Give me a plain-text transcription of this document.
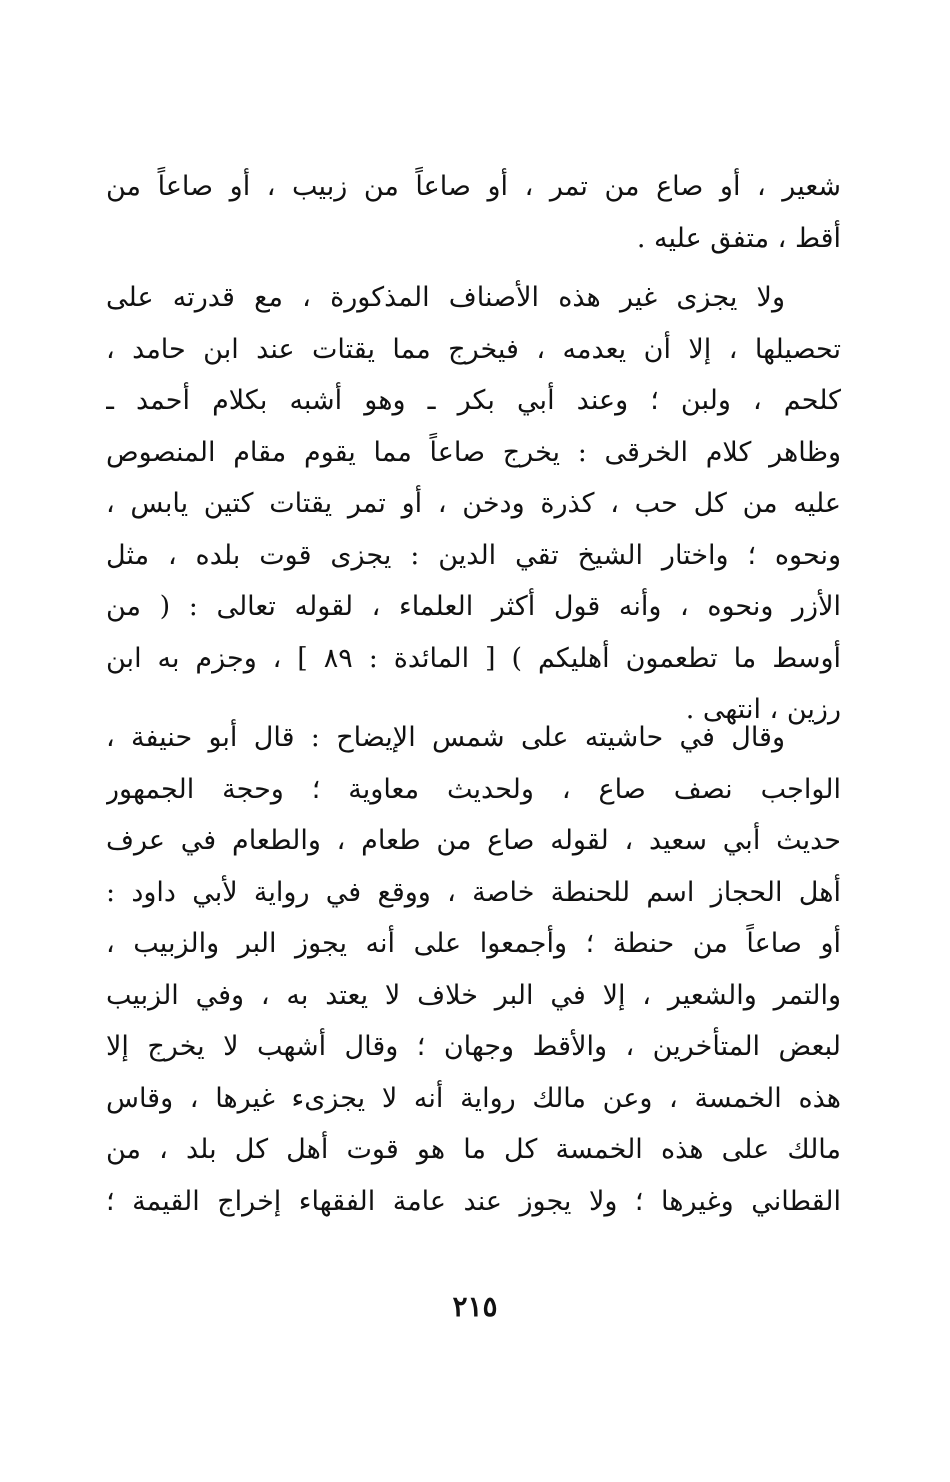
شعير ، أو صاع من تمر ، أو صاعاً من زبيب ، أو صاعاً من
أقط ، متفق عليه .
ولا يجزى غير هذه الأصناف المذكورة ، مع قدرته على
تحصيلها ، إلا أن يعدمه ، فيخرج مما يقتات عند ابن حامد ،
كلحم ، ولبن ؛ وعند أبي بكر ـ وهو أشبه بكلام أحمد ـ
وظاهر كلام الخرقى : يخرج صاعاً مما يقوم مقام المنصوص
عليه من كل حب ، كذرة ودخن ، أو تمر يقتات كتين يابس ،
ونحوه ؛ واختار الشيخ تقي الدين : يجزى قوت بلده ، مثل
الأزر ونحوه ، وأنه قول أكثر العلماء ، لقوله تعالى : ( من
أوسط ما تطعمون أهليكم ) [ المائدة : ٨٩ ] ، وجزم به ابن
رزين ، انتهى .
وقال في حاشيته على شمس الإيضاح : قال أبو حنيفة ،
الواجب نصف صاع ، ولحديث معاوية ؛ وحجة الجمهور
حديث أبي سعيد ، لقوله صاع من طعام ، والطعام في عرف
أهل الحجاز اسم للحنطة خاصة ، ووقع في رواية لأبي داود :
أو صاعاً من حنطة ؛ وأجمعوا على أنه يجوز البر والزبيب ،
والتمر والشعير ، إلا في البر خلاف لا يعتد به ، وفي الزبيب
لبعض المتأخرين ، والأقط وجهان ؛ وقال أشهب لا يخرج إلا
هذه الخمسة ، وعن مالك رواية أنه لا يجزىء غيرها ، وقاس
مالك على هذه الخمسة كل ما هو قوت أهل كل بلد ، من
القطاني وغيرها ؛ ولا يجوز عند عامة الفقهاء إخراج القيمة ؛
٢١٥
